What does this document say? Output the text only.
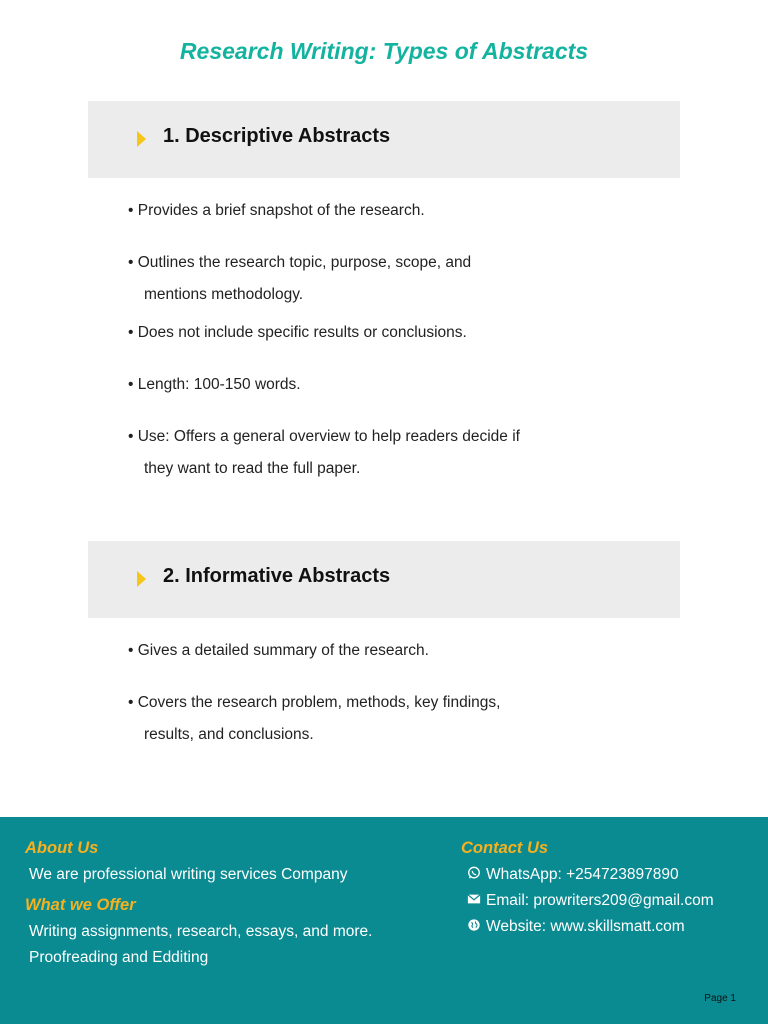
Research Writing: Types of Abstracts
1. Descriptive Abstracts
• Provides a brief snapshot of the research.
• Outlines the research topic, purpose, scope, and
mentions methodology.
• Does not include specific results or conclusions.
• Length: 100-150 words.
• Use: Offers a general overview to help readers decide if
they want to read the full paper.
2. Informative Abstracts
• Gives a detailed summary of the research.
• Covers the research problem, methods, key findings,
results, and conclusions.
About Us
We are professional writing services Company
What we Offer
Writing assignments, research, essays, and more.
Proofreading and Edditing
Contact Us
WhatsApp: +254723897890
Email: prowriters209@gmail.com
Website: www.skillsmatt.com
Page 1
